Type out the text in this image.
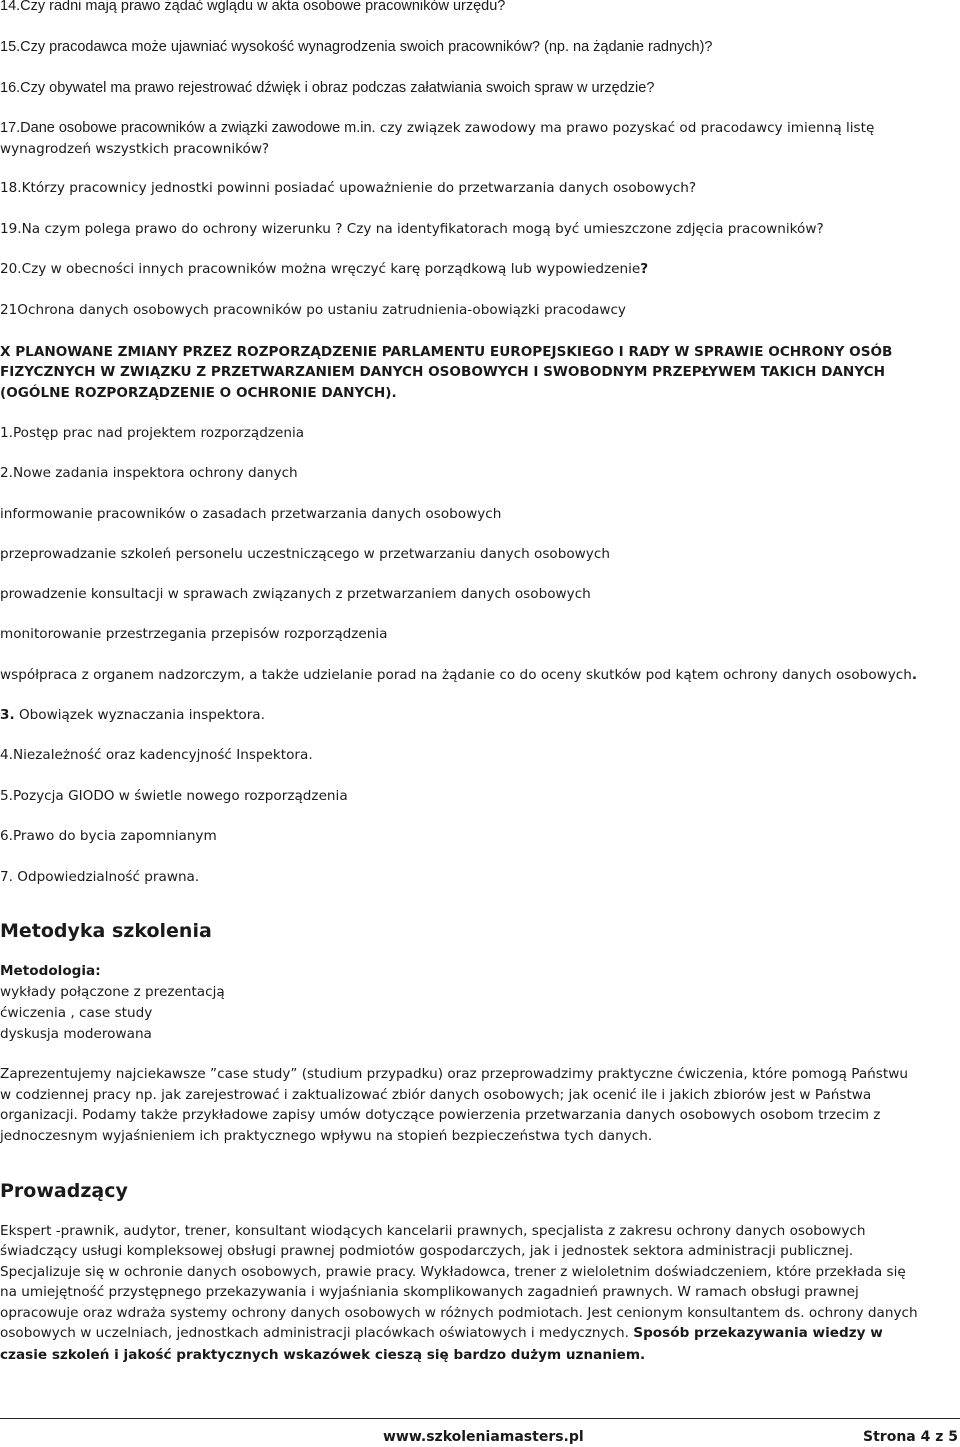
14.Czy radni mają prawo żądać wglądu w akta osobowe pracowników urzędu?

15.Czy pracodawca może ujawniać wysokość wynagrodzenia swoich pracowników? (np. na żądanie radnych)?

16.Czy obywatel ma prawo rejestrować dźwięk i obraz podczas załatwiania swoich spraw w urzędzie?

17.Dane osobowe pracowników a związki zawodowe m.in. czy związek zawodowy ma prawo pozyskać od pracodawcy imienną listę

wynagrodzeń wszystkich pracowników?

18.Którzy pracownicy jednostki powinni posiadać upoważnienie do przetwarzania danych osobowych?

19.Na czym polega prawo do ochrony wizerunku ? Czy na identyfikatorach mogą być umieszczone zdjęcia pracowników?

20.Czy w obecności innych pracowników można wręczyć karę porządkową lub wypowiedzenie?

21Ochrona danych osobowych pracowników po ustaniu zatrudnienia-obowiązki pracodawcy

X PLANOWANE ZMIANY PRZEZ ROZPORZĄDZENIE PARLAMENTU EUROPEJSKIEGO I RADY W SPRAWIE OCHRONY OSÓB

FIZYCZNYCH W ZWIĄZKU Z PRZETWARZANIEM DANYCH OSOBOWYCH I SWOBODNYM PRZEPŁYWEM TAKICH DANYCH

(OGÓLNE ROZPORZĄDZENIE O OCHRONIE DANYCH).

1.Postęp prac nad projektem rozporządzenia

2.Nowe zadania inspektora ochrony danych

informowanie pracowników o zasadach przetwarzania danych osobowych

przeprowadzanie szkoleń personelu uczestniczącego w przetwarzaniu danych osobowych

prowadzenie konsultacji w sprawach związanych z przetwarzaniem danych osobowych

monitorowanie przestrzegania przepisów rozporządzenia

współpraca z organem nadzorczym, a także udzielanie porad na żądanie co do oceny skutków pod kątem ochrony danych osobowych.

3. Obowiązek wyznaczania inspektora.

4.Niezależność oraz kadencyjność Inspektora.

5.Pozycja GIODO w świetle nowego rozporządzenia

6.Prawo do bycia zapomnianym

7. Odpowiedzialność prawna.

Metodyka szkolenia

Metodologia:

wykłady połączone z prezentacją

ćwiczenia , case study

dyskusja moderowana

Zaprezentujemy najciekawsze ”case study” (studium przypadku) oraz przeprowadzimy praktyczne ćwiczenia, które pomogą Państwu

w codziennej pracy np. jak zarejestrować i zaktualizować zbiór danych osobowych; jak ocenić ile i jakich zbiorów jest w Państwa

organizacji. Podamy także przykładowe zapisy umów dotyczące powierzenia przetwarzania danych osobowych osobom trzecim z

jednoczesnym wyjaśnieniem ich praktycznego wpływu na stopień bezpieczeństwa tych danych.

Prowadzący

Ekspert -prawnik, audytor, trener, konsultant wiodących kancelarii prawnych, specjalista z zakresu ochrony danych osobowych

świadczący usługi kompleksowej obsługi prawnej podmiotów gospodarczych, jak i jednostek sektora administracji publicznej.

Specjalizuje się w ochronie danych osobowych, prawie pracy. Wykładowca, trener z wieloletnim doświadczeniem, które przekłada się

na umiejętność przystępnego przekazywania i wyjaśniania skomplikowanych zagadnień prawnych. W ramach obsługi prawnej

opracowuje oraz wdraża systemy ochrony danych osobowych w różnych podmiotach. Jest cenionym konsultantem ds. ochrony danych

osobowych w uczelniach, jednostkach administracji placówkach oświatowych i medycznych. Sposób przekazywania wiedzy w

czasie szkoleń i jakość praktycznych wskazówek cieszą się bardzo dużym uznaniem.

www.szkoleniamasters.pl	Strona 4 z 5
